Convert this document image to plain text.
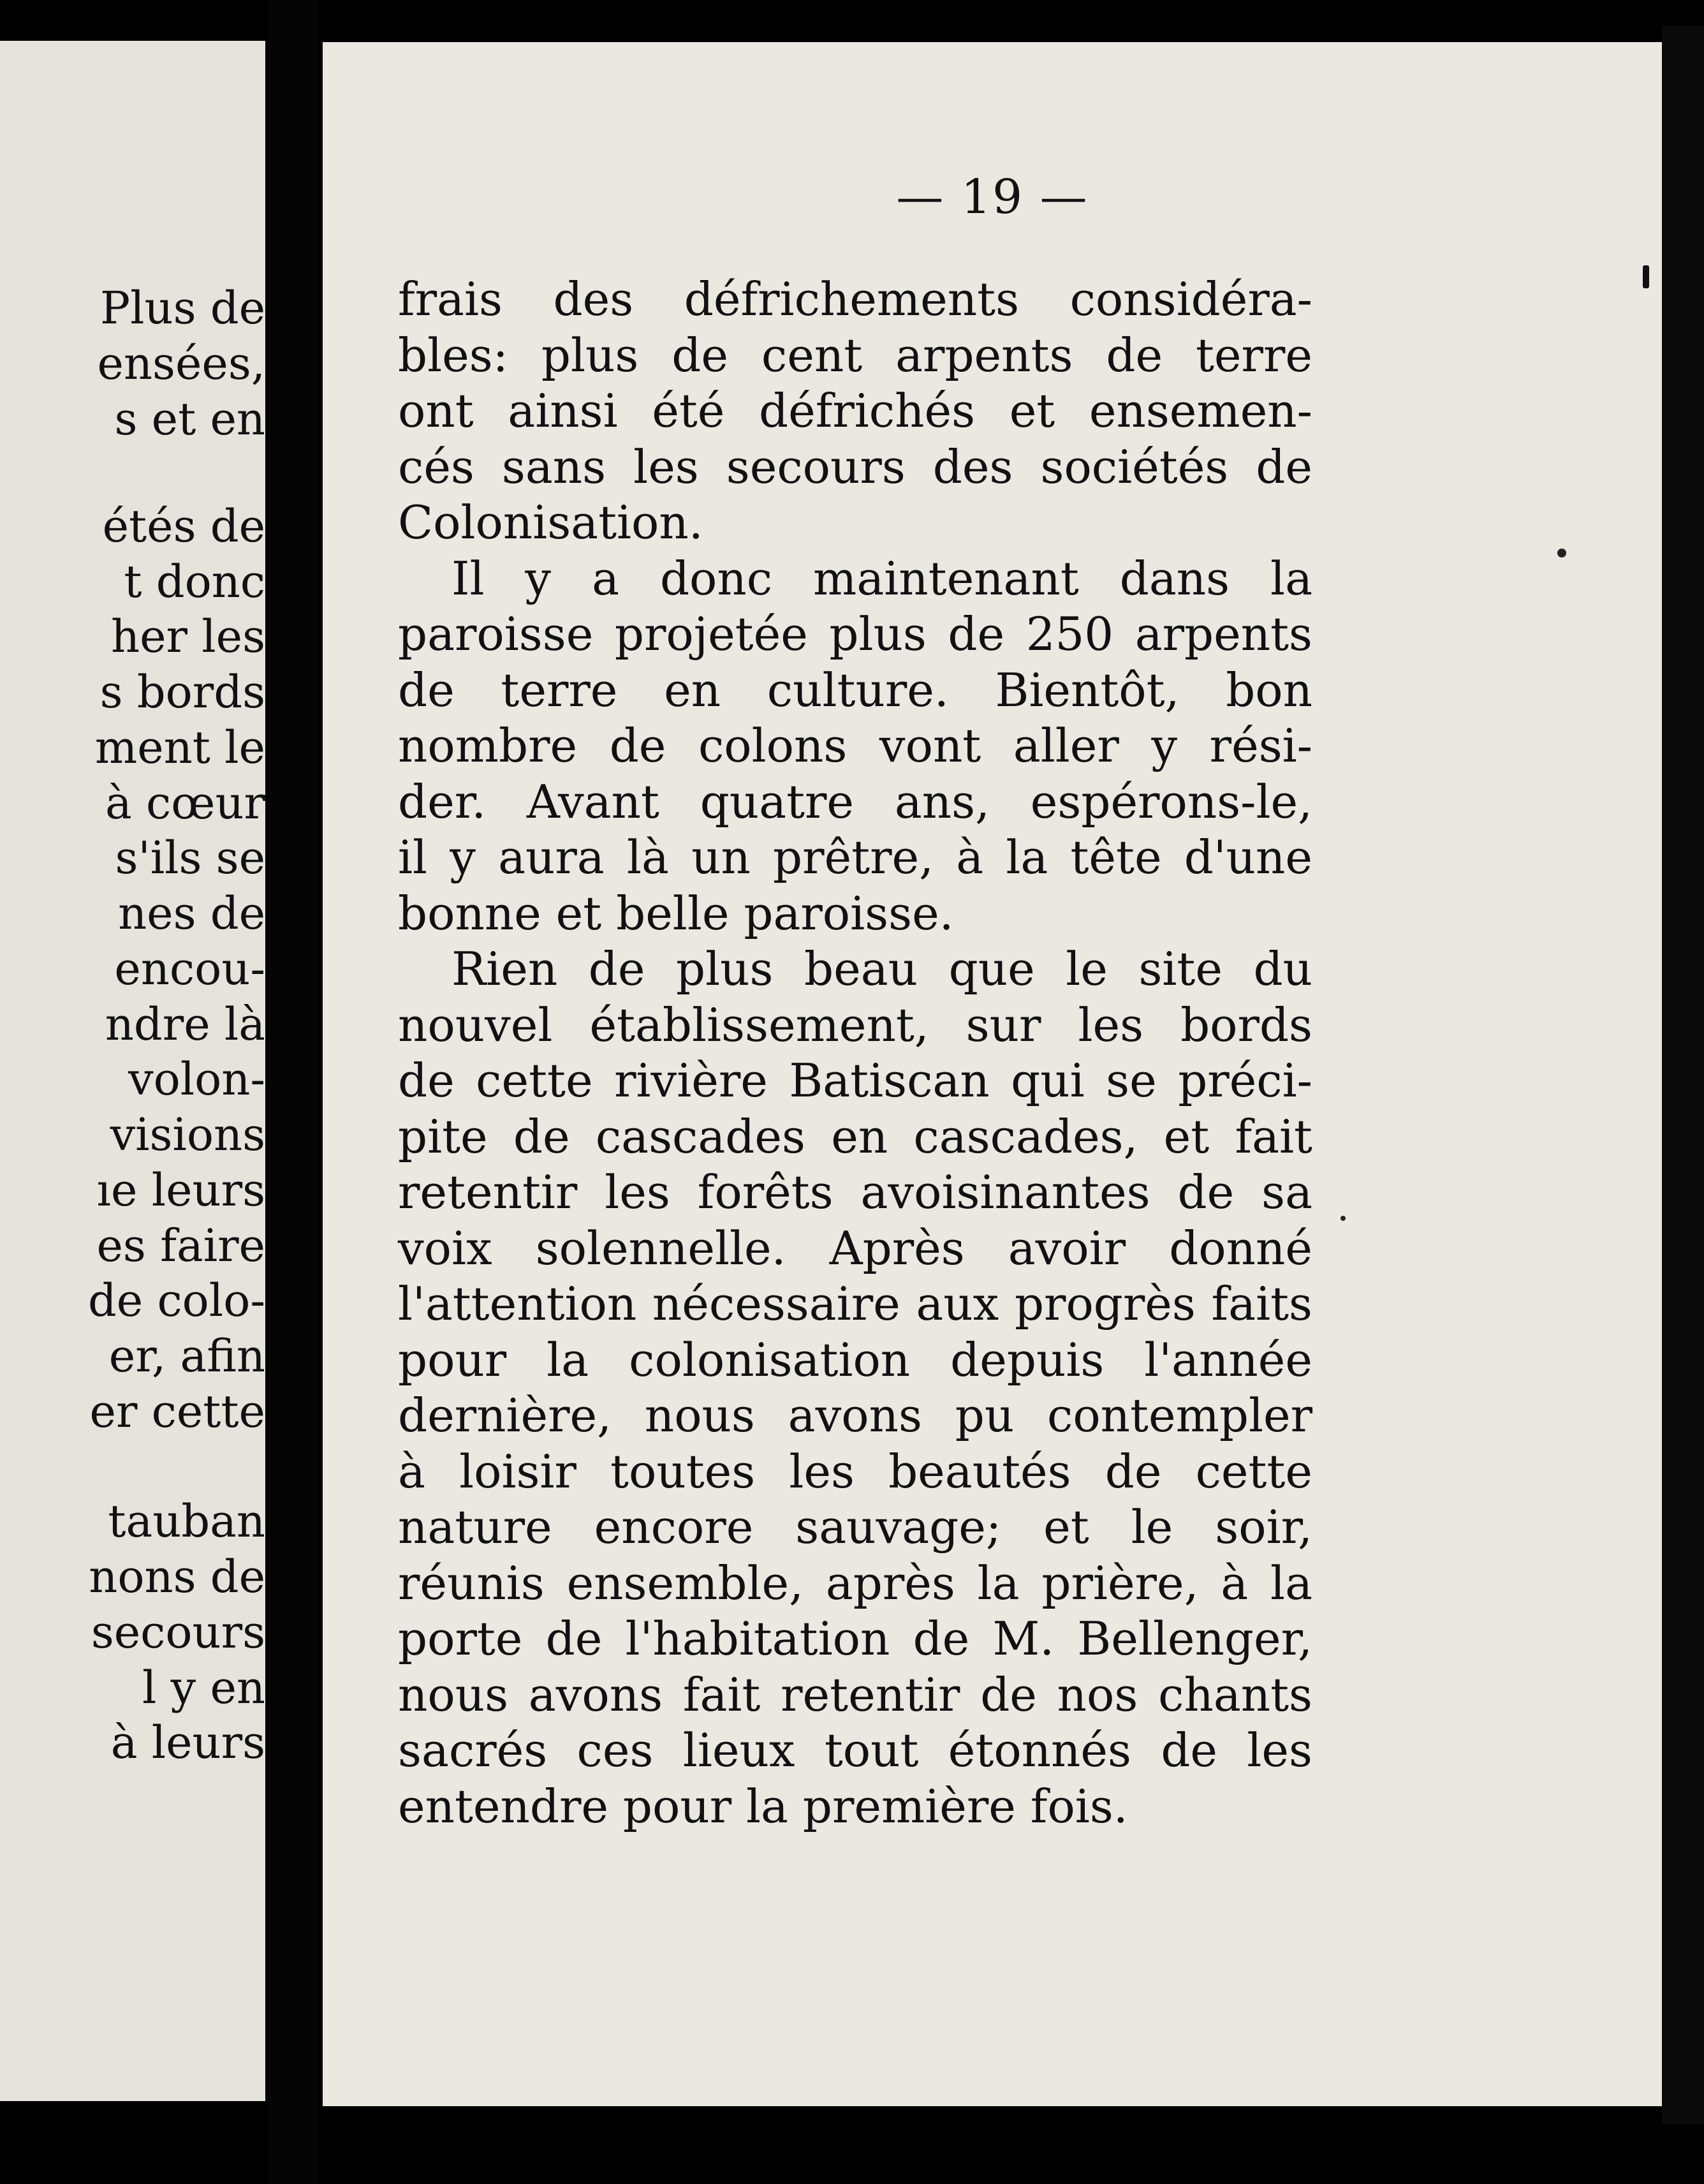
Plus de
ensées,
s et en
étés de
t donc
her les
s bords
ment le
à cœur
s'ils se
nes de
encou-
ndre là
volon-
visions
ıe leurs
es faire
de colo-
er, afin
er cette
tauban
nons de
secours
l y en
à leurs
— 19 —
frais des défrichements considéra-
bles: plus de cent arpents de terre
ont ainsi été défrichés et ensemen-
cés sans les secours des sociétés de
Colonisation.
Il y a donc maintenant dans la
paroisse projetée plus de 250 arpents
de terre en culture. Bientôt, bon
nombre de colons vont aller y rési-
der. Avant quatre ans, espérons-le,
il y aura là un prêtre, à la tête d'une
bonne et belle paroisse.
Rien de plus beau que le site du
nouvel établissement, sur les bords
de cette rivière Batiscan qui se préci-
pite de cascades en cascades, et fait
retentir les forêts avoisinantes de sa
voix solennelle. Après avoir donné
l'attention nécessaire aux progrès faits
pour la colonisation depuis l'année
dernière, nous avons pu contempler
à loisir toutes les beautés de cette
nature encore sauvage; et le soir,
réunis ensemble, après la prière, à la
porte de l'habitation de M. Bellenger,
nous avons fait retentir de nos chants
sacrés ces lieux tout étonnés de les
entendre pour la première fois.
